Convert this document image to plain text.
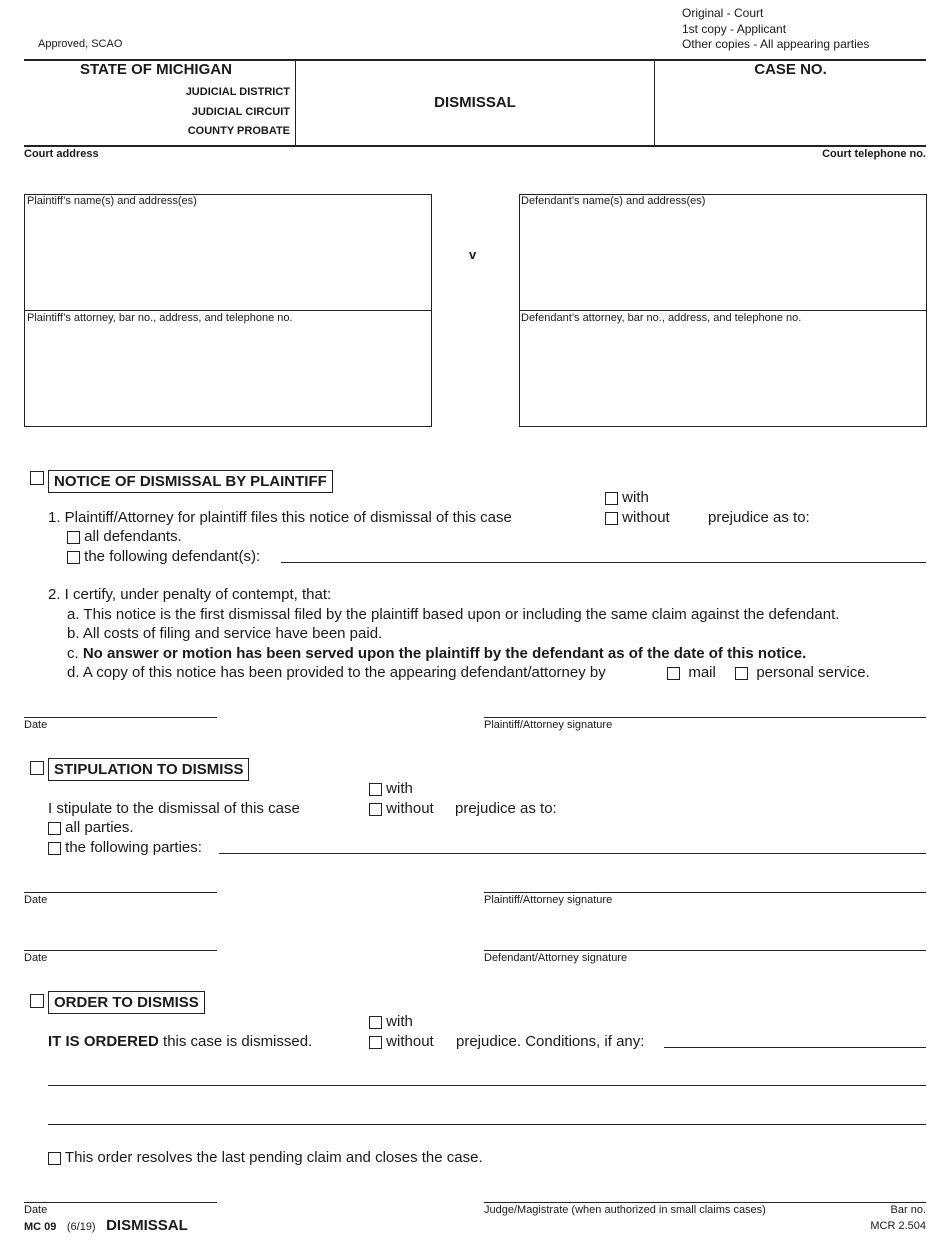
Approved, SCAO
Original - Court
1st copy - Applicant
Other copies - All appearing parties
STATE OF MICHIGAN
JUDICIAL DISTRICT
JUDICIAL CIRCUIT
COUNTY PROBATE
DISMISSAL
CASE NO.
Court address	Court telephone no.
Plaintiff’s name(s) and address(es)
Plaintiff’s attorney, bar no., address, and telephone no.
v
Defendant’s name(s) and address(es)
Defendant’s attorney, bar no., address, and telephone no.
NOTICE OF DISMISSAL BY PLAINTIFF
with
1. Plaintiff/Attorney for plaintiff files this notice of dismissal of this case	without	prejudice as to:
all defendants.
the following defendant(s):
2. I certify, under penalty of contempt, that:
a. This notice is the first dismissal filed by the plaintiff based upon or including the same claim against the defendant.
b. All costs of filing and service have been paid.
c. No answer or motion has been served upon the plaintiff by the defendant as of the date of this notice.
d. A copy of this notice has been provided to the appearing defendant/attorney by	mail	personal service.
Date	Plaintiff/Attorney signature
STIPULATION TO DISMISS
with
I stipulate to the dismissal of this case	without prejudice as to:
all parties.
the following parties:
Date	Plaintiff/Attorney signature
Date	Defendant/Attorney signature
ORDER TO DISMISS
with
IT IS ORDERED this case is dismissed.	without prejudice. Conditions, if any:
This order resolves the last pending claim and closes the case.
Date	Judge/Magistrate (when authorized in small claims cases)	Bar no.
MC 09 (6/19) DISMISSAL	MCR 2.504
